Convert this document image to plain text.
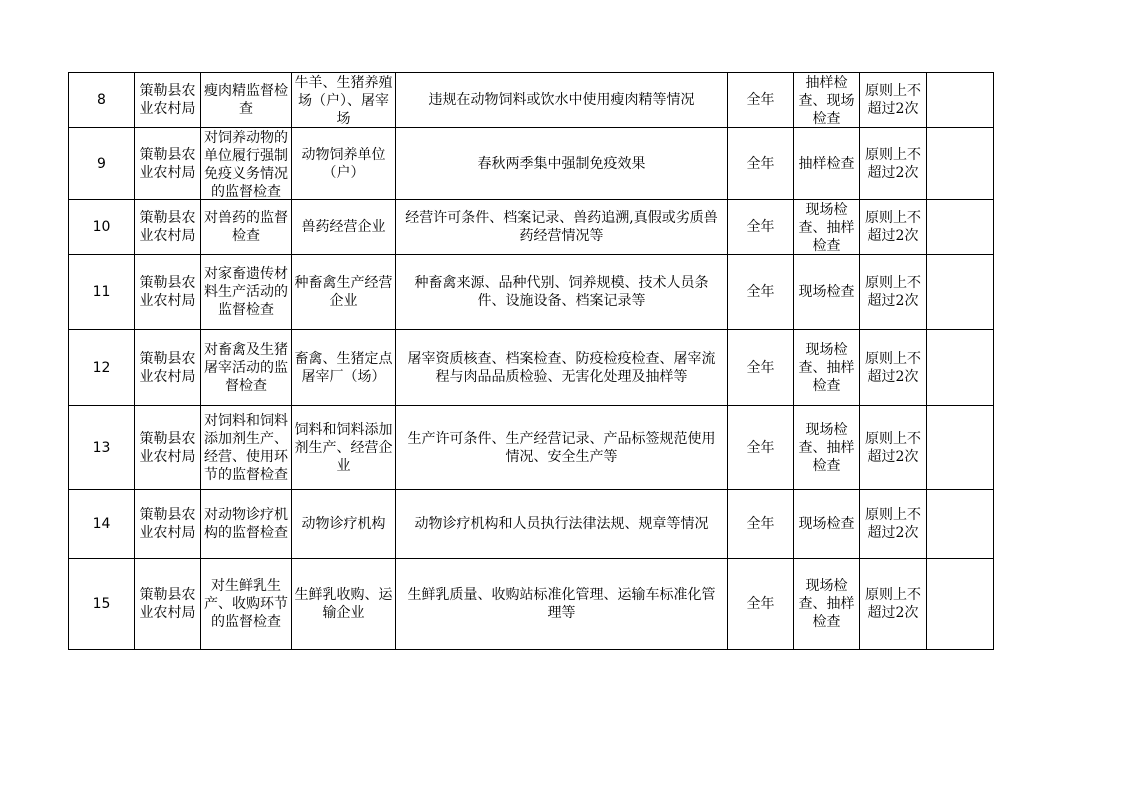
8	策勒县农业农村局	瘦肉精监督检查	牛羊、生猪养殖场（户）、屠宰场	违规在动物饲料或饮水中使用瘦肉精等情况	全年	抽样检查、现场检查	原则上不超过2次	

9	策勒县农业农村局	对饲养动物的单位履行强制免疫义务情况的监督检查	动物饲养单位（户）	春秋两季集中强制免疫效果	全年	抽样检查	原则上不超过2次	

10	策勒县农业农村局	对兽药的监督检查	兽药经营企业	经营许可条件、档案记录、兽药追溯,真假或劣质兽药经营情况等	全年	现场检查、抽样检查	原则上不超过2次	

11	策勒县农业农村局	对家畜遗传材料生产活动的监督检查	种畜禽生产经营企业	种畜禽来源、品种代别、饲养规模、技术人员条件、设施设备、档案记录等	全年	现场检查	原则上不超过2次	

12	策勒县农业农村局	对畜禽及生猪屠宰活动的监督检查	畜禽、生猪定点屠宰厂（场）	屠宰资质核查、档案检查、防疫检疫检查、屠宰流程与肉品品质检验、无害化处理及抽样等	全年	现场检查、抽样检查	原则上不超过2次	

13	策勒县农业农村局	对饲料和饲料添加剂生产、经营、使用环节的监督检查	饲料和饲料添加剂生产、经营企业	生产许可条件、生产经营记录、产品标签规范使用情况、安全生产等	全年	现场检查、抽样检查	原则上不超过2次	

14	策勒县农业农村局	对动物诊疗机构的监督检查	动物诊疗机构	动物诊疗机构和人员执行法律法规、规章等情况	全年	现场检查	原则上不超过2次	

15	策勒县农业农村局	对生鲜乳生产、收购环节的监督检查	生鲜乳收购、运输企业	生鲜乳质量、收购站标准化管理、运输车标准化管理等	全年	现场检查、抽样检查	原则上不超过2次	
